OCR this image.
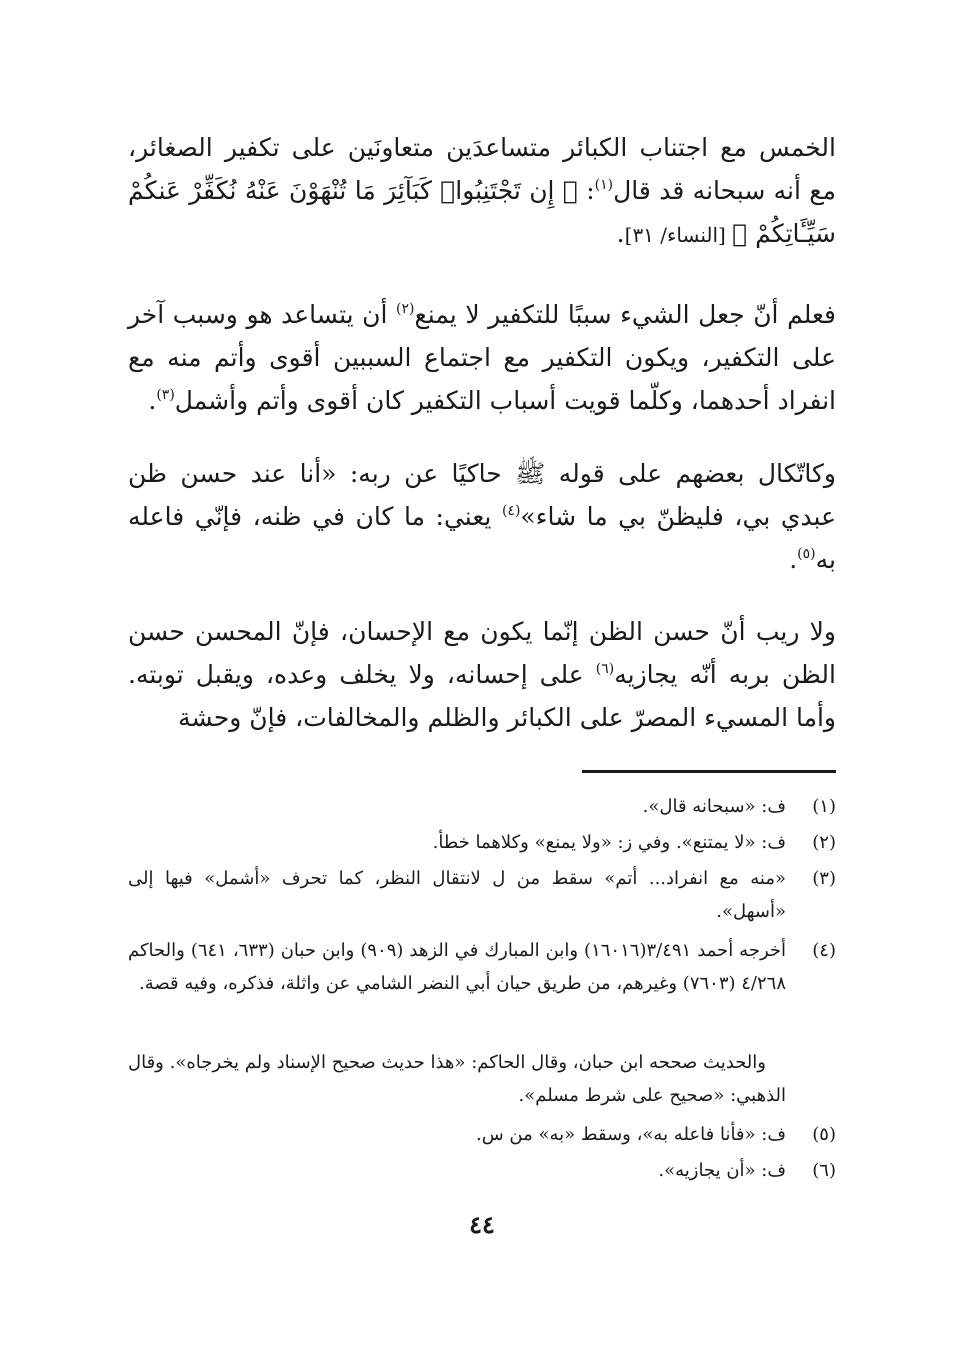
الخمس مع اجتناب الكبائر متساعدَين متعاونَين على تكفير الصغائر، مع أنه سبحانه قد قال$^{(١)}$: ﴿ إِن تَجْتَنِبُوا۟ كَبَآئِرَ مَا تُنْهَوْنَ عَنْهُ نُكَفِّرْ عَنكُمْ سَيِّـَٔاتِكُمْ ﴾ [النساء/ ٣١].

فعلم أنّ جعل الشيء سببًا للتكفير لا يمنع$^{(٢)}$ أن يتساعد هو وسبب آخر على التكفير، ويكون التكفير مع اجتماع السببين أقوى وأتم منه مع انفراد أحدهما، وكلّما قويت أسباب التكفير كان أقوى وأتم وأشمل$^{(٣)}$.

وكاتّكال بعضهم على قوله ﷺ حاكيًا عن ربه: «أنا عند حسن ظن عبدي بي، فليظنّ بي ما شاء»$^{(٤)}$ يعني: ما كان في ظنه، فإنّي فاعله به$^{(٥)}$.

ولا ريب أنّ حسن الظن إنّما يكون مع الإحسان، فإنّ المحسن حسن الظن بربه أنّه يجازيه$^{(٦)}$ على إحسانه، ولا يخلف وعده، ويقبل توبته. وأما المسيء المصرّ على الكبائر والظلم والمخالفات، فإنّ وحشة

(١)
ف: «سبحانه قال».
(٢)
ف: «لا يمتنع». وفي ز: «ولا يمنع» وكلاهما خطأ.
(٣)
«منه مع انفراد... أتم» سقط من ل لانتقال النظر، كما تحرف «أشمل» فيها إلى «أسهل».
(٤)
أخرجه أحمد ٣/٤٩١(١٦٠١٦) وابن المبارك في الزهد (٩٠٩) وابن حبان (٦٣٣، ٦٤١) والحاكم ٤/٢٦٨ (٧٦٠٣) وغيرهم، من طريق حيان أبي النضر الشامي عن واثلة، فذكره، وفيه قصة.
والحديث صححه ابن حبان، وقال الحاكم: «هذا حديث صحيح الإسناد ولم يخرجاه». وقال الذهبي: «صحيح على شرط مسلم».
(٥)
ف: «فأنا فاعله به»، وسقط «به» من س.
(٦)
ف: «أن يجازيه».
٤٤
